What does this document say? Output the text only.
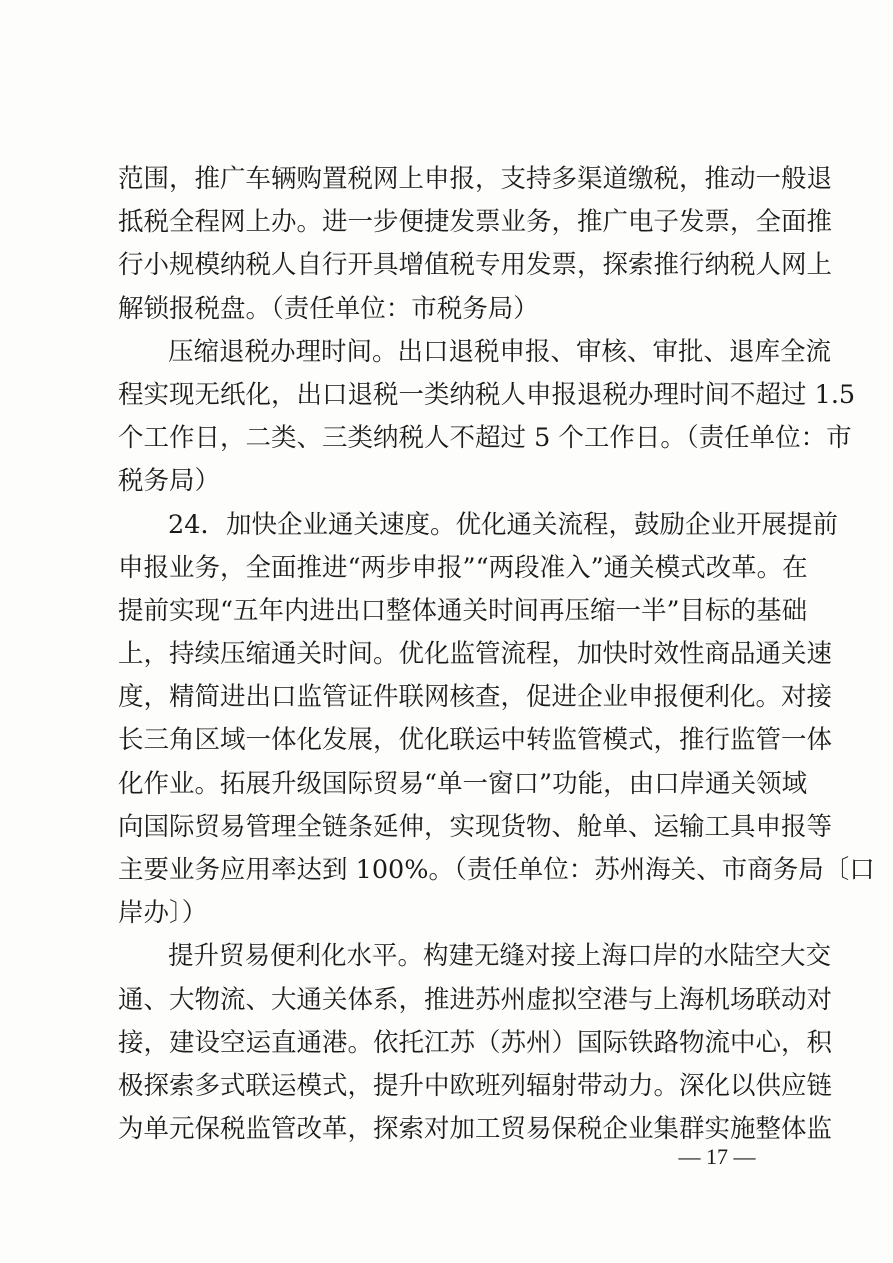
范围，推广车辆购置税网上申报，支持多渠道缴税，推动一般退
抵税全程网上办。进一步便捷发票业务，推广电子发票，全面推
行小规模纳税人自行开具增值税专用发票，探索推行纳税人网上
解锁报税盘。（责任单位：市税务局）
压缩退税办理时间。出口退税申报、审核、审批、退库全流
程实现无纸化，出口退税一类纳税人申报退税办理时间不超过 1.5
个工作日，二类、三类纳税人不超过 5 个工作日。（责任单位：市
税务局）
24．加快企业通关速度。优化通关流程，鼓励企业开展提前
申报业务，全面推进“两步申报”“两段准入”通关模式改革。在
提前实现“五年内进出口整体通关时间再压缩一半”目标的基础
上，持续压缩通关时间。优化监管流程，加快时效性商品通关速
度，精简进出口监管证件联网核查，促进企业申报便利化。对接
长三角区域一体化发展，优化联运中转监管模式，推行监管一体
化作业。拓展升级国际贸易“单一窗口”功能，由口岸通关领域
向国际贸易管理全链条延伸，实现货物、舱单、运输工具申报等
主要业务应用率达到 100%。（责任单位：苏州海关、市商务局〔口
岸办〕）
提升贸易便利化水平。构建无缝对接上海口岸的水陆空大交
通、大物流、大通关体系，推进苏州虚拟空港与上海机场联动对
接，建设空运直通港。依托江苏（苏州）国际铁路物流中心，积
极探索多式联运模式，提升中欧班列辐射带动力。深化以供应链
为单元保税监管改革，探索对加工贸易保税企业集群实施整体监
— 17 —
